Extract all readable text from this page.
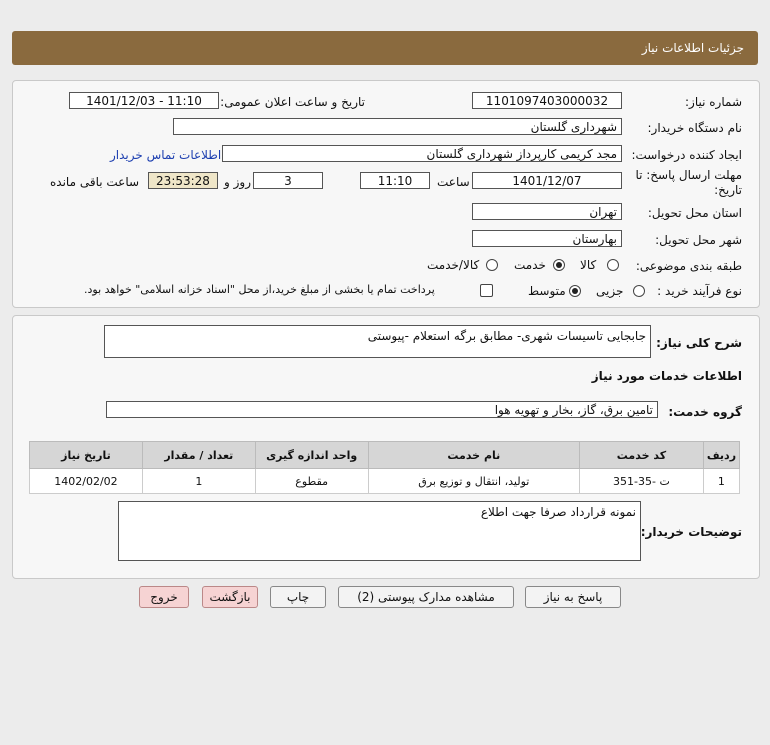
جزئیات اطلاعات نیاز
شماره نیاز:
1101097403000032
تاریخ و ساعت اعلان عمومی:
1401/12/03 - 11:10
نام دستگاه خریدار:
شهرداری گلستان
ایجاد کننده درخواست:
مجد کریمی کارپرداز شهرداری گلستان
اطلاعات تماس خریدار
مهلت ارسال پاسخ: تا
تاریخ:
1401/12/07
ساعت
11:10
3
روز و
23:53:28
ساعت باقی مانده
استان محل تحویل:
تهران
شهر محل تحویل:
بهارستان
طبقه بندی موضوعی:
کالا
خدمت
کالا/خدمت
نوع فرآیند خرید :
جزیی
متوسط
پرداخت تمام یا بخشی از مبلغ خرید،از محل "اسناد خزانه اسلامی" خواهد بود.
شرح کلی نیاز:
جابجایی تاسیسات شهری- مطابق برگه استعلام -پیوستی
اطلاعات خدمات مورد نیاز
گروه خدمت:
تامین برق، گاز، بخار و تهویه هوا
ردیف	کد خدمت	نام خدمت	واحد اندازه گیری	تعداد / مقدار	تاریخ نیاز
1	ت -35-351	تولید، انتقال و توزیع برق	مقطوع	1	1402/02/02
توضیحات خریدار:
نمونه قرارداد صرفا جهت اطلاع
پاسخ به نیاز
مشاهده مدارک پیوستی (2)
چاپ
بازگشت
خروج
